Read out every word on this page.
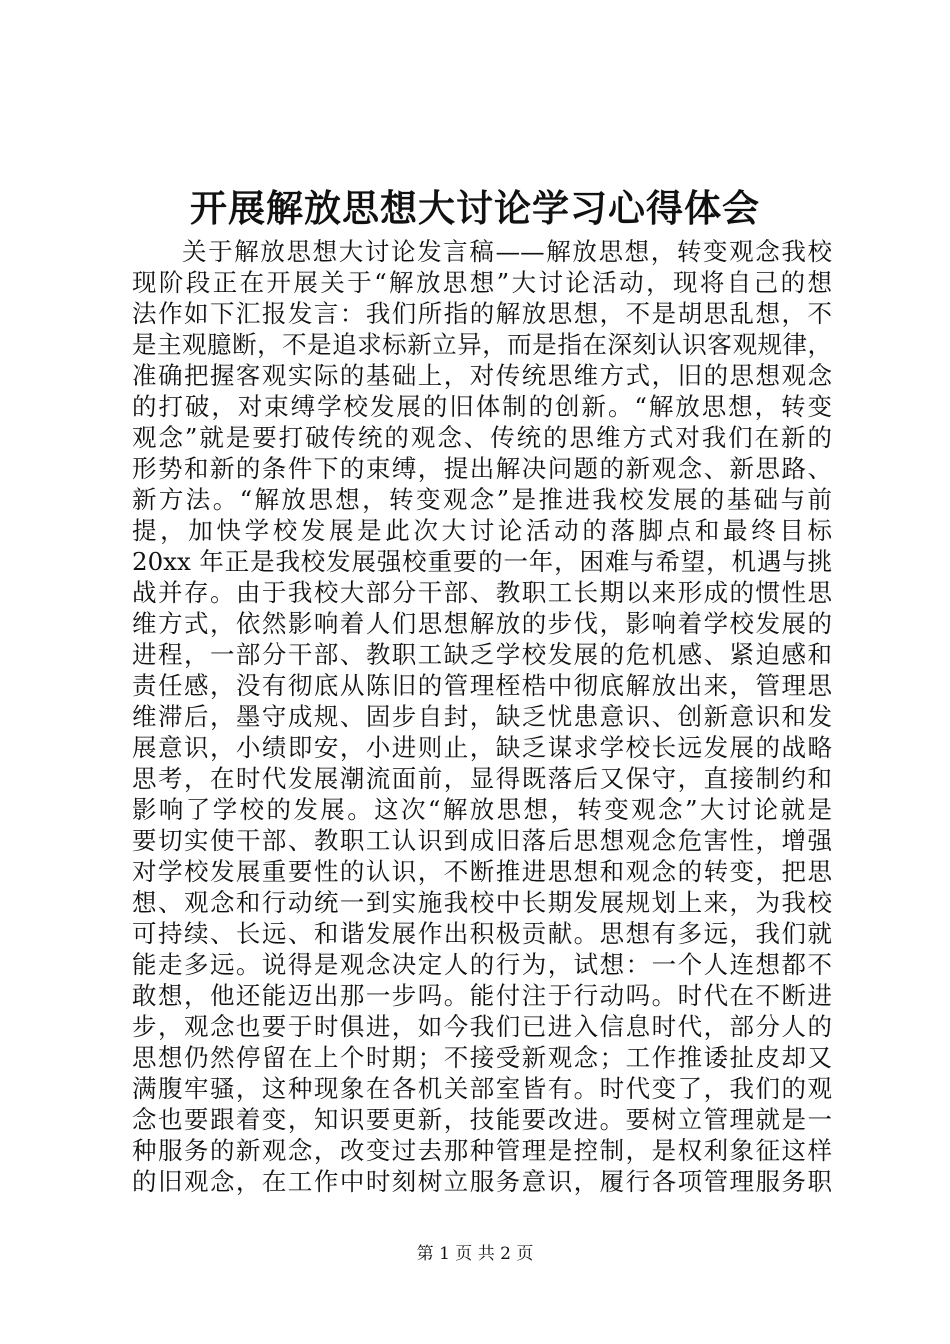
开展解放思想大讨论学习心得体会
关于解放思想大讨论发言稿——解放思想，转变观念我校
现阶段正在开展关于“解放思想”大讨论活动，现将自己的想
法作如下汇报发言：我们所指的解放思想，不是胡思乱想，不
是主观臆断，不是追求标新立异，而是指在深刻认识客观规律，
准确把握客观实际的基础上，对传统思维方式，旧的思想观念
的打破，对束缚学校发展的旧体制的创新。“解放思想，转变
观念”就是要打破传统的观念、传统的思维方式对我们在新的
形势和新的条件下的束缚，提出解决问题的新观念、新思路、
新方法。“解放思想，转变观念”是推进我校发展的基础与前
提，加快学校发展是此次大讨论活动的落脚点和最终目标
20xx 年正是我校发展强校重要的一年，困难与希望，机遇与挑
战并存。由于我校大部分干部、教职工长期以来形成的惯性思
维方式，依然影响着人们思想解放的步伐，影响着学校发展的
进程，一部分干部、教职工缺乏学校发展的危机感、紧迫感和
责任感，没有彻底从陈旧的管理桎梏中彻底解放出来，管理思
维滞后，墨守成规、固步自封，缺乏忧患意识、创新意识和发
展意识，小绩即安，小进则止，缺乏谋求学校长远发展的战略
思考，在时代发展潮流面前，显得既落后又保守，直接制约和
影响了学校的发展。这次“解放思想，转变观念”大讨论就是
要切实使干部、教职工认识到成旧落后思想观念危害性，增强
对学校发展重要性的认识，不断推进思想和观念的转变，把思
想、观念和行动统一到实施我校中长期发展规划上来，为我校
可持续、长远、和谐发展作出积极贡献。思想有多远，我们就
能走多远。说得是观念决定人的行为，试想：一个人连想都不
敢想，他还能迈出那一步吗。能付注于行动吗。时代在不断进
步，观念也要于时俱进，如今我们已进入信息时代，部分人的
思想仍然停留在上个时期；不接受新观念；工作推诿扯皮却又
满腹牢骚，这种现象在各机关部室皆有。时代变了，我们的观
念也要跟着变，知识要更新，技能要改进。要树立管理就是一
种服务的新观念，改变过去那种管理是控制，是权利象征这样
的旧观念，在工作中时刻树立服务意识，履行各项管理服务职
第 1 页 共 2 页
